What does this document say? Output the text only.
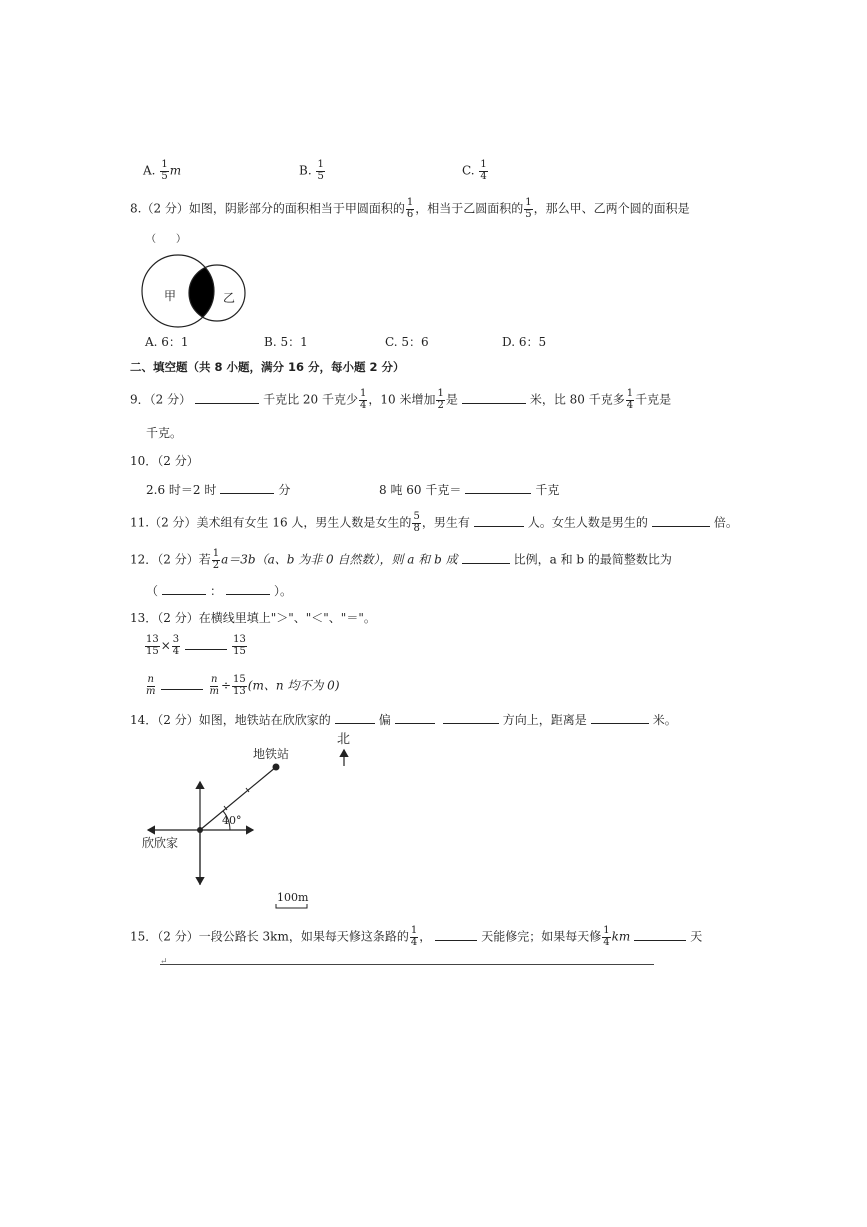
A. $\frac{1}{5}$ m	B. $\frac{1}{5}$	C. $\frac{1}{4}$
8.（2 分）如图，阴影部分的面积相当于甲圆面积的 $\frac{1}{6}$ ，相当于乙圆面积的 $\frac{1}{5}$ ，那么甲、乙两个圆的面积是
（　　）
甲	乙
A. 6：1	B. 5：1	C. 5：6	D. 6：5
二、填空题（共 8 小题，满分 16 分，每小题 2 分）
9．（2 分）	千克比 20 千克少 $\frac{1}{4}$ ，10 米增加 $\frac{1}{2}$ 是	米，比 80 千克多 $\frac{1}{4}$ 千克是
千克。
10．（2 分）
2.6 时＝2 时	分	8 吨 60 千克＝	千克
11.（2 分）美术组有女生 16 人，男生人数是女生的 $\frac{5}{8}$ ，男生有	人。女生人数是男生的	倍。
12．（2 分）若 $\frac{1}{2} a=3b(a$、b 为非 0 自然数），则 a 和 b 成	比例，a 和 b 的最简整数比为
（	：	）。
13．（2 分）在横线里填上"＞"、"＜"、"＝"。
$\frac{13}{15} \times \frac{3}{4}$	$\frac{13}{15}$
$\frac{n}{m}$	$\frac{n}{m} \div \frac{15}{13} (m$、n 均不为 0)
14．（2 分）如图，地铁站在欣欣家的	偏	方向上，距离是	米。
北
地铁站
40°
欣欣家
100m
15．（2 分）一段公路长 3km，如果每天修这条路的 $\frac{1}{4}$ ，	天能修完；如果每天修 $\frac{1}{4}$ km	天
↵
